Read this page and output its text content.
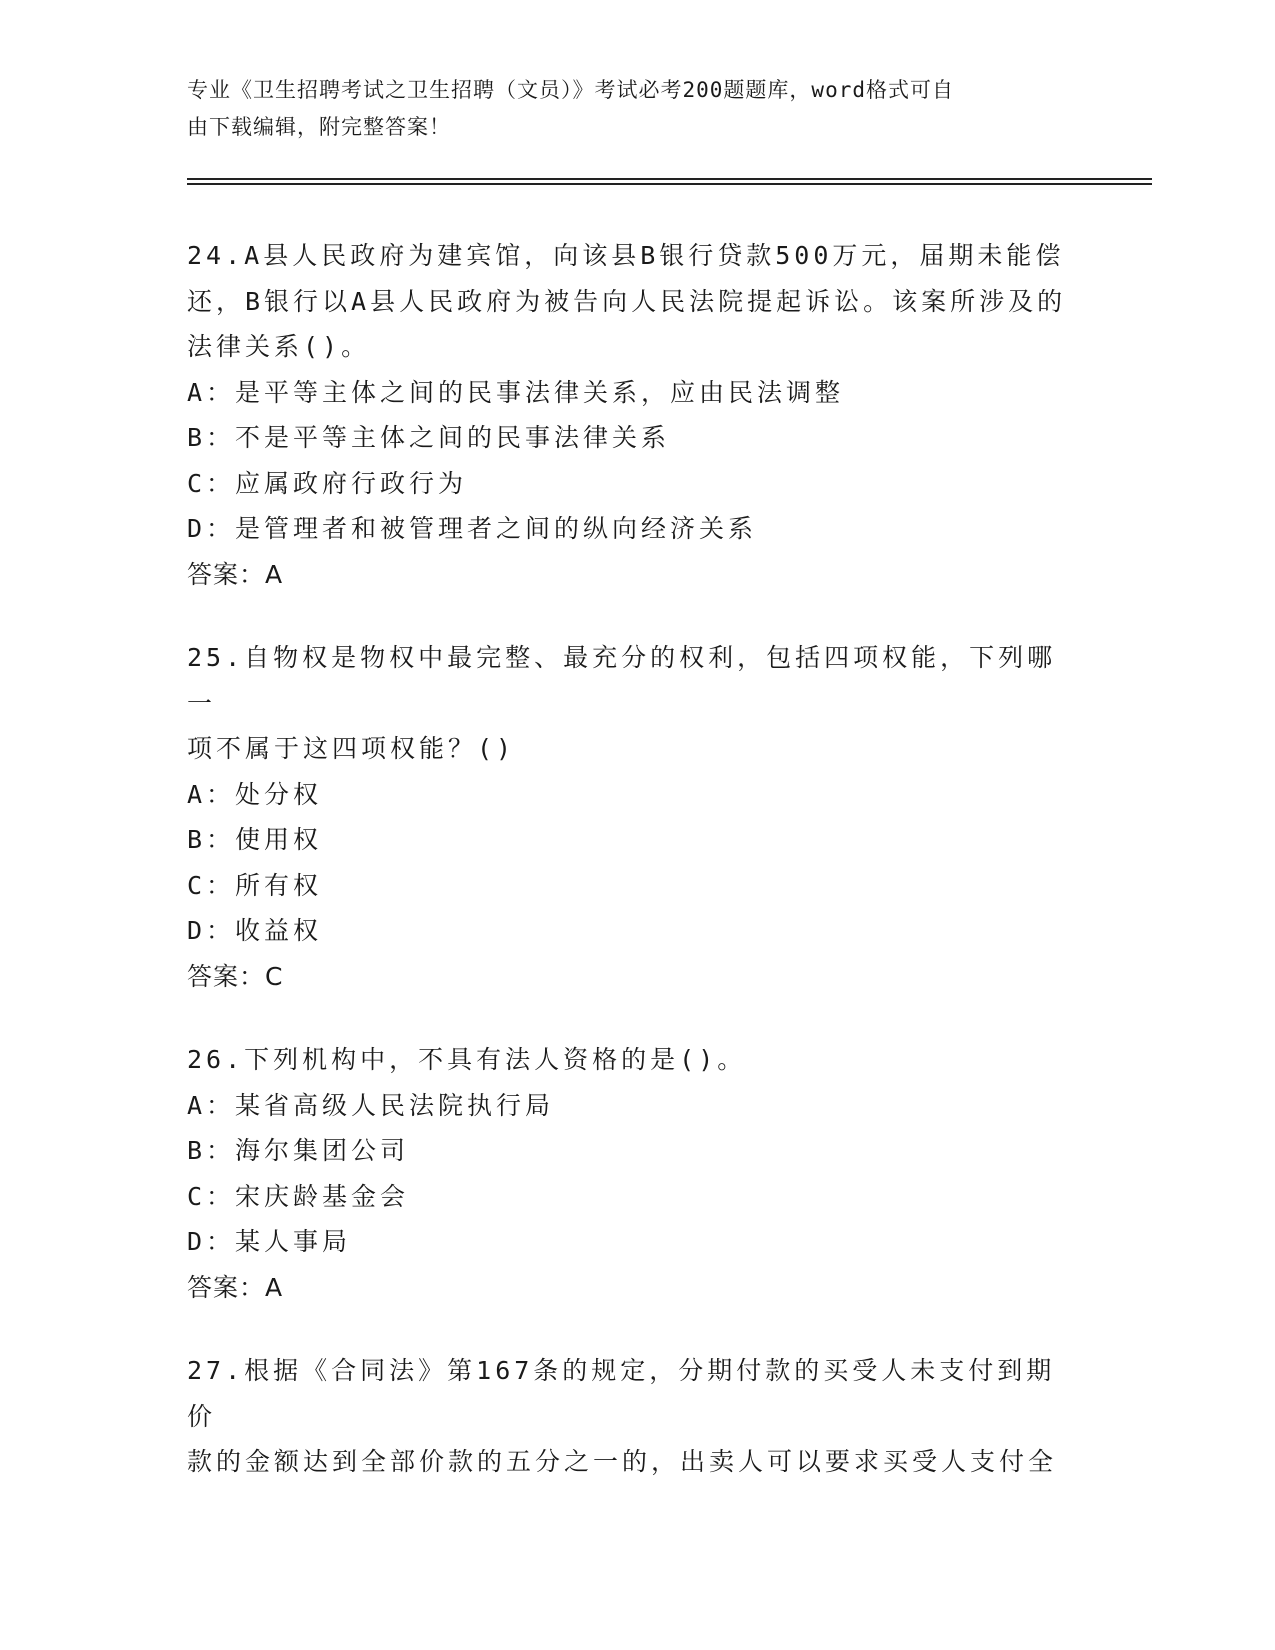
专业《卫生招聘考试之卫生招聘（文员）》考试必考200题题库，word格式可自
由下载编辑，附完整答案！
24.A县人民政府为建宾馆，向该县B银行贷款500万元，届期未能偿
还，B银行以A县人民政府为被告向人民法院提起诉讼。该案所涉及的
法律关系()。
A：是平等主体之间的民事法律关系，应由民法调整
B：不是平等主体之间的民事法律关系
C：应属政府行政行为
D：是管理者和被管理者之间的纵向经济关系
答案：A
25.自物权是物权中最完整、最充分的权利，包括四项权能，下列哪一
项不属于这四项权能？()
A：处分权
B：使用权
C：所有权
D：收益权
答案：C
26.下列机构中，不具有法人资格的是()。
A：某省高级人民法院执行局
B：海尔集团公司
C：宋庆龄基金会
D：某人事局
答案：A
27.根据《合同法》第167条的规定，分期付款的买受人未支付到期价
款的金额达到全部价款的五分之一的，出卖人可以要求买受人支付全
